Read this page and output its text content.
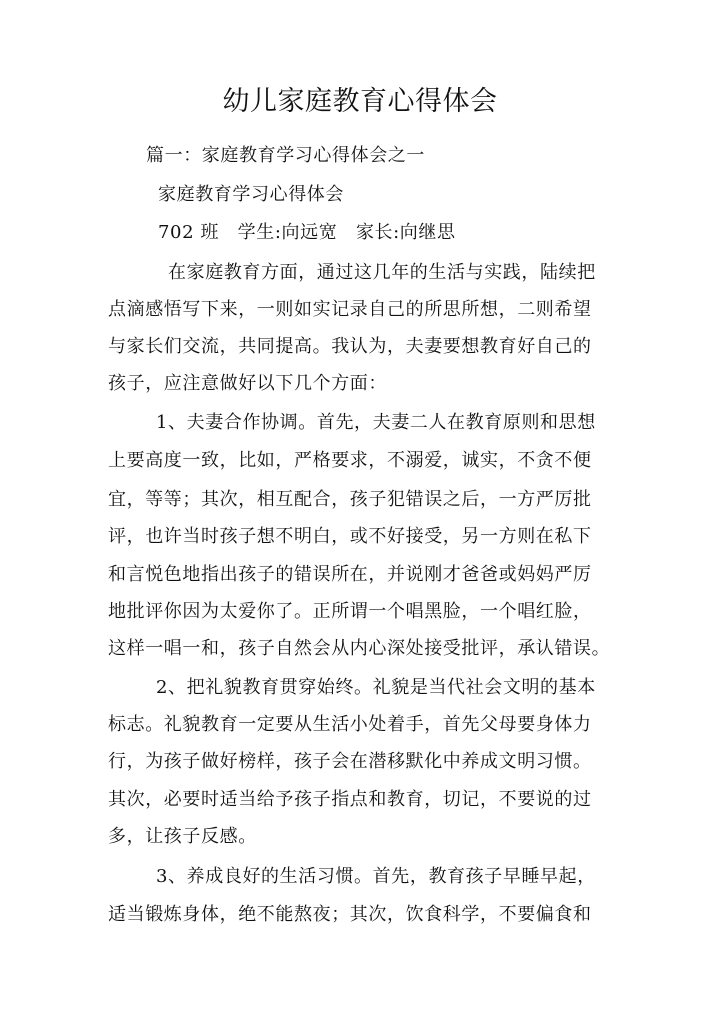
幼儿家庭教育心得体会
篇一：家庭教育学习心得体会之一
家庭教育学习心得体会
702 班　学生:向远宽　家长:向继思
在家庭教育方面，通过这几年的生活与实践，陆续把
点滴感悟写下来，一则如实记录自己的所思所想，二则希望
与家长们交流，共同提高。我认为，夫妻要想教育好自己的
孩子，应注意做好以下几个方面：
1、夫妻合作协调。首先，夫妻二人在教育原则和思想
上要高度一致，比如，严格要求，不溺爱，诚实，不贪不便
宜，等等；其次，相互配合，孩子犯错误之后，一方严厉批
评，也许当时孩子想不明白，或不好接受，另一方则在私下
和言悦色地指出孩子的错误所在，并说刚才爸爸或妈妈严厉
地批评你因为太爱你了。正所谓一个唱黑脸，一个唱红脸，
这样一唱一和，孩子自然会从内心深处接受批评，承认错误。
2、把礼貌教育贯穿始终。礼貌是当代社会文明的基本
标志。礼貌教育一定要从生活小处着手，首先父母要身体力
行，为孩子做好榜样，孩子会在潜移默化中养成文明习惯。
其次，必要时适当给予孩子指点和教育，切记，不要说的过
多，让孩子反感。
3、养成良好的生活习惯。首先，教育孩子早睡早起，
适当锻炼身体，绝不能熬夜；其次，饮食科学，不要偏食和
